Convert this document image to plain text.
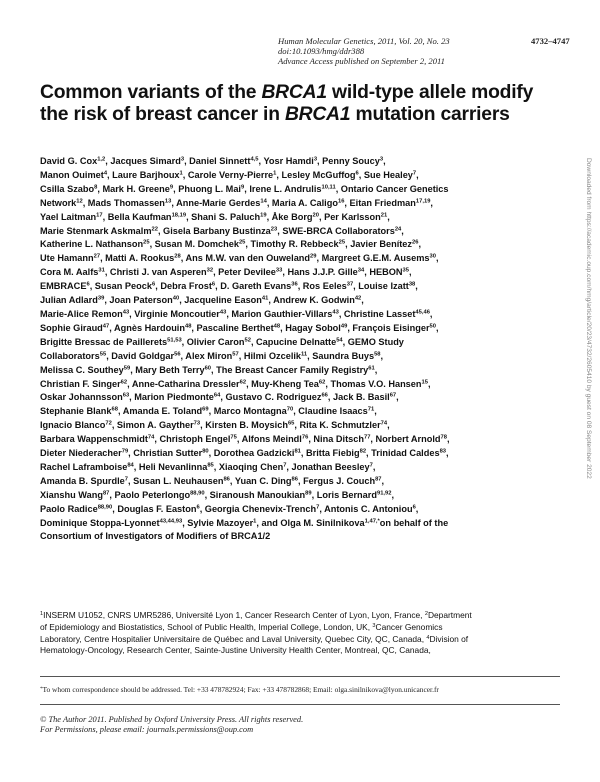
Human Molecular Genetics, 2011, Vol. 20, No. 23	4732–4747
doi:10.1093/hmg/ddr388
Advance Access published on September 2, 2011
Common variants of the BRCA1 wild-type allele modify the risk of breast cancer in BRCA1 mutation carriers
David G. Cox$^{1,2}$, Jacques Simard$^3$, Daniel Sinnett$^{4,5}$, Yosr Hamdi$^3$, Penny Soucy$^3$,
Manon Ouimet$^4$, Laure Barjhoux$^1$, Carole Verny-Pierre$^1$, Lesley McGuffog$^6$, Sue Healey$^7$,
Csilla Szabo$^8$, Mark H. Greene$^9$, Phuong L. Mai$^9$, Irene L. Andrulis$^{10,11}$, Ontario Cancer Genetics
Network$^{12}$, Mads Thomassen$^{13}$, Anne-Marie Gerdes$^{14}$, Maria A. Caligo$^{16}$, Eitan Friedman$^{17,19}$,
Yael Laitman$^{17}$, Bella Kaufman$^{18,19}$, Shani S. Paluch$^{19}$, Åke Borg$^{20}$, Per Karlsson$^{21}$,
Marie Stenmark Askmalm$^{22}$, Gisela Barbany Bustinza$^{23}$, SWE-BRCA Collaborators$^{24}$,
Katherine L. Nathanson$^{25}$, Susan M. Domchek$^{25}$, Timothy R. Rebbeck$^{25}$, Javier Benítez$^{26}$,
Ute Hamann$^{27}$, Matti A. Rookus$^{28}$, Ans M.W. van den Ouweland$^{29}$, Margreet G.E.M. Ausems$^{30}$,
Cora M. Aalfs$^{31}$, Christi J. van Asperen$^{32}$, Peter Devilee$^{33}$, Hans J.J.P. Gille$^{34}$, HEBON$^{35}$,
EMBRACE$^6$, Susan Peock$^6$, Debra Frost$^6$, D. Gareth Evans$^{36}$, Ros Eeles$^{37}$, Louise Izatt$^{38}$,
Julian Adlard$^{39}$, Joan Paterson$^{40}$, Jacqueline Eason$^{41}$, Andrew K. Godwin$^{42}$,
Marie-Alice Remon$^{43}$, Virginie Moncoutier$^{43}$, Marion Gauthier-Villars$^{43}$, Christine Lasset$^{45,46}$,
Sophie Giraud$^{47}$, Agnès Hardouin$^{48}$, Pascaline Berthet$^{48}$, Hagay Sobol$^{49}$, François Eisinger$^{50}$,
Brigitte Bressac de Paillerets$^{51,53}$, Olivier Caron$^{52}$, Capucine Delnatte$^{54}$, GEMO Study
Collaborators$^{55}$, David Goldgar$^{56}$, Alex Miron$^{57}$, Hilmi Ozcelik$^{11}$, Saundra Buys$^{58}$,
Melissa C. Southey$^{59}$, Mary Beth Terry$^{60}$, The Breast Cancer Family Registry$^{61}$,
Christian F. Singer$^{62}$, Anne-Catharina Dressler$^{62}$, Muy-Kheng Tea$^{62}$, Thomas V.O. Hansen$^{15}$,
Oskar Johannsson$^{63}$, Marion Piedmonte$^{64}$, Gustavo C. Rodriguez$^{66}$, Jack B. Basil$^{67}$,
Stephanie Blank$^{68}$, Amanda E. Toland$^{69}$, Marco Montagna$^{70}$, Claudine Isaacs$^{71}$,
Ignacio Blanco$^{72}$, Simon A. Gayther$^{73}$, Kirsten B. Moysich$^{65}$, Rita K. Schmutzler$^{74}$,
Barbara Wappenschmidt$^{74}$, Christoph Engel$^{75}$, Alfons Meindl$^{76}$, Nina Ditsch$^{77}$, Norbert Arnold$^{78}$,
Dieter Niederacher$^{79}$, Christian Sutter$^{80}$, Dorothea Gadzicki$^{81}$, Britta Fiebig$^{82}$, Trinidad Caldes$^{83}$,
Rachel Laframboise$^{84}$, Heli Nevanlinna$^{85}$, Xiaoqing Chen$^7$, Jonathan Beesley$^7$,
Amanda B. Spurdle$^7$, Susan L. Neuhausen$^{86}$, Yuan C. Ding$^{86}$, Fergus J. Couch$^{87}$,
Xianshu Wang$^{87}$, Paolo Peterlongo$^{88,90}$, Siranoush Manoukian$^{89}$, Loris Bernard$^{91,92}$,
Paolo Radice$^{88,90}$, Douglas F. Easton$^6$, Georgia Chenevix-Trench$^7$, Antonis C. Antoniou$^6$,
Dominique Stoppa-Lyonnet$^{43,44,93}$, Sylvie Mazoyer$^1$, and Olga M. Sinilnikova$^{1,47,*}$on behalf of the
Consortium of Investigators of Modifiers of BRCA1/2
$^1$INSERM U1052, CNRS UMR5286, Université Lyon 1, Cancer Research Center of Lyon, Lyon, France, $^2$Department
of Epidemiology and Biostatistics, School of Public Health, Imperial College, London, UK, $^3$Cancer Genomics
Laboratory, Centre Hospitalier Universitaire de Québec and Laval University, Quebec City, QC, Canada, $^4$Division of
Hematology-Oncology, Research Center, Sainte-Justine University Health Center, Montreal, QC, Canada,
*To whom correspondence should be addressed. Tel: +33 478782924; Fax: +33 478782868; Email: olga.sinilnikova@lyon.unicancer.fr
© The Author 2011. Published by Oxford University Press. All rights reserved.
For Permissions, please email: journals.permissions@oup.com
Downloaded from https://academic.oup.com/hmg/article/20/23/4732/2605410 by guest on 08 September 2022
